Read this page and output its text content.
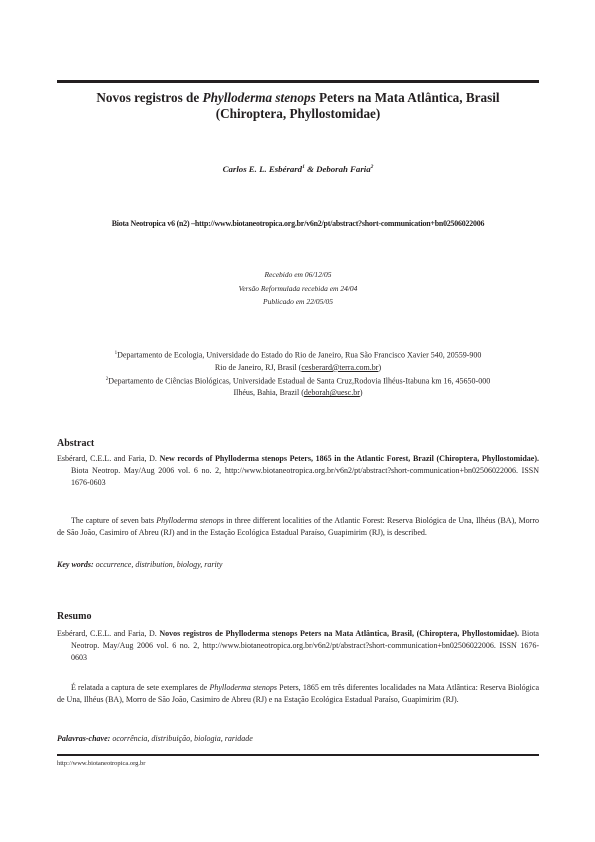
Novos registros de Phylloderma stenops Peters na Mata Atlântica, Brasil
(Chiroptera, Phyllostomidae)
Carlos E. L. Esbérard$^1$ & Deborah Faria$^2$
Biota Neotropica v6 (n2) –http://www.biotaneotropica.org.br/v6n2/pt/abstract?short-communication+bn02506022006
Recebido em 06/12/05
Versão Reformulada recebida em 24/04
Publicado em 22/05/05
$^1$Departamento de Ecologia, Universidade do Estado do Rio de Janeiro, Rua São Francisco Xavier 540, 20559-900
Rio de Janeiro, RJ, Brasil (cesberard@terra.com.br)
$^2$Departamento de Ciências Biológicas, Universidade Estadual de Santa Cruz,Rodovia Ilhéus-Itabuna km 16, 45650-000
Ilhéus, Bahia, Brazil (deborah@uesc.br)
Abstract
Esbérard, C.E.L. and Faria, D. New records of Phylloderma stenops Peters, 1865 in the Atlantic Forest, Brazil (Chiroptera, Phyllostomidae). Biota Neotrop. May/Aug 2006 vol. 6 no. 2, http://www.biotaneotropica.org.br/v6n2/pt/abstract?short-communication+bn02506022006. ISSN 1676-0603
The capture of seven bats Phylloderma stenops in three different localities of the Atlantic Forest: Reserva Biológica de Una, Ilhéus (BA), Morro de São João, Casimiro of Abreu (RJ) and in the Estação Ecológica Estadual Paraíso, Guapimirim (RJ), is described.
Key words: occurrence, distribution, biology, rarity
Resumo
Esbérard, C.E.L. and Faria, D. Novos registros de Phylloderma stenops Peters na Mata Atlântica, Brasil, (Chiroptera, Phyllostomidae). Biota Neotrop. May/Aug 2006 vol. 6 no. 2, http://www.biotaneotropica.org.br/v6n2/pt/abstract?short-communication+bn02506022006. ISSN 1676-0603
É relatada a captura de sete exemplares de Phylloderma stenops Peters, 1865 em três diferentes localidades na Mata Atlântica: Reserva Biológica de Una, Ilhéus (BA), Morro de São João, Casimiro de Abreu (RJ) e na Estação Ecológica Estadual Paraíso, Guapimirim (RJ).
Palavras-chave: ocorrência, distribuição, biologia, raridade
http://www.biotaneotropica.org.br
